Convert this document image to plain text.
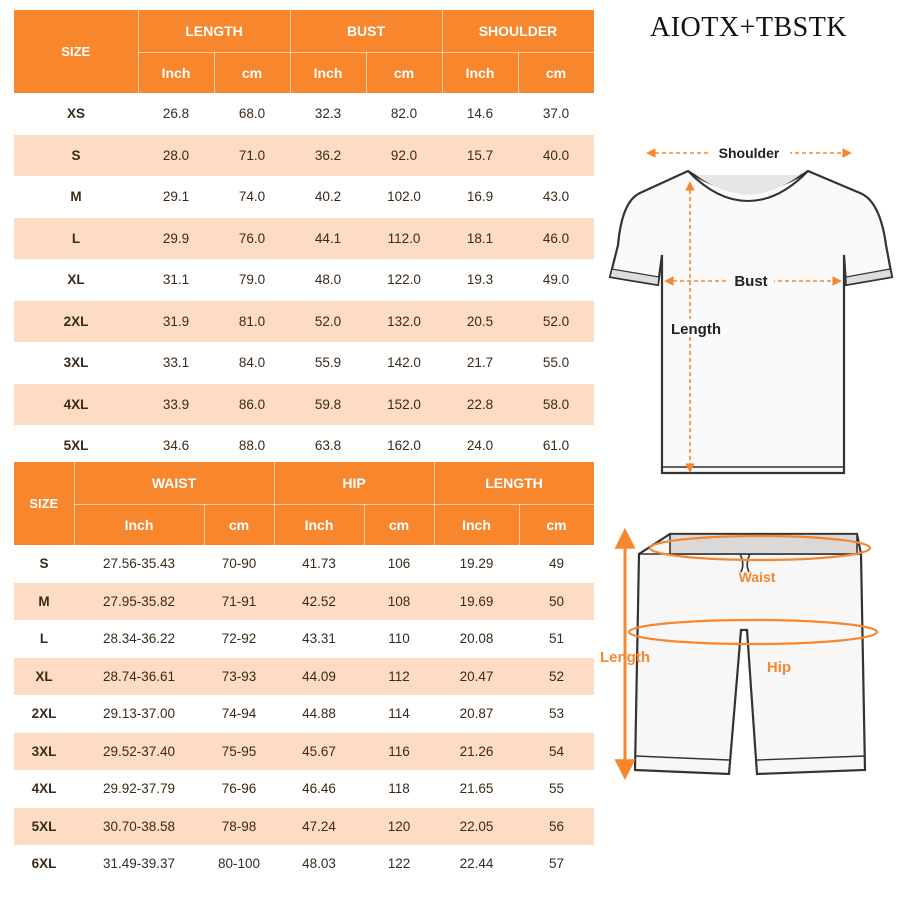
AIOTX+TBSTK
SIZE	LENGTH		BUST		SHOULDER	
	Inch	cm	Inch	cm	Inch	cm
XS	26.8	68.0	32.3	82.0	14.6	37.0
S	28.0	71.0	36.2	92.0	15.7	40.0
M	29.1	74.0	40.2	102.0	16.9	43.0
L	29.9	76.0	44.1	112.0	18.1	46.0
XL	31.1	79.0	48.0	122.0	19.3	49.0
2XL	31.9	81.0	52.0	132.0	20.5	52.0
3XL	33.1	84.0	55.9	142.0	21.7	55.0
4XL	33.9	86.0	59.8	152.0	22.8	58.0
5XL	34.6	88.0	63.8	162.0	24.0	61.0
SIZE	WAIST		HIP		LENGTH	
	Inch	cm	Inch	cm	Inch	cm
S	27.56-35.43	70-90	41.73	106	19.29	49
M	27.95-35.82	71-91	42.52	108	19.69	50
L	28.34-36.22	72-92	43.31	110	20.08	51
XL	28.74-36.61	73-93	44.09	112	20.47	52
2XL	29.13-37.00	74-94	44.88	114	20.87	53
3XL	29.52-37.40	75-95	45.67	116	21.26	54
4XL	29.92-37.79	76-96	46.46	118	21.65	55
5XL	30.70-38.58	78-98	47.24	120	22.05	56
6XL	31.49-39.37	80-100	48.03	122	22.44	57
Shoulder
Bust
Length
Waist
Hip
Length
